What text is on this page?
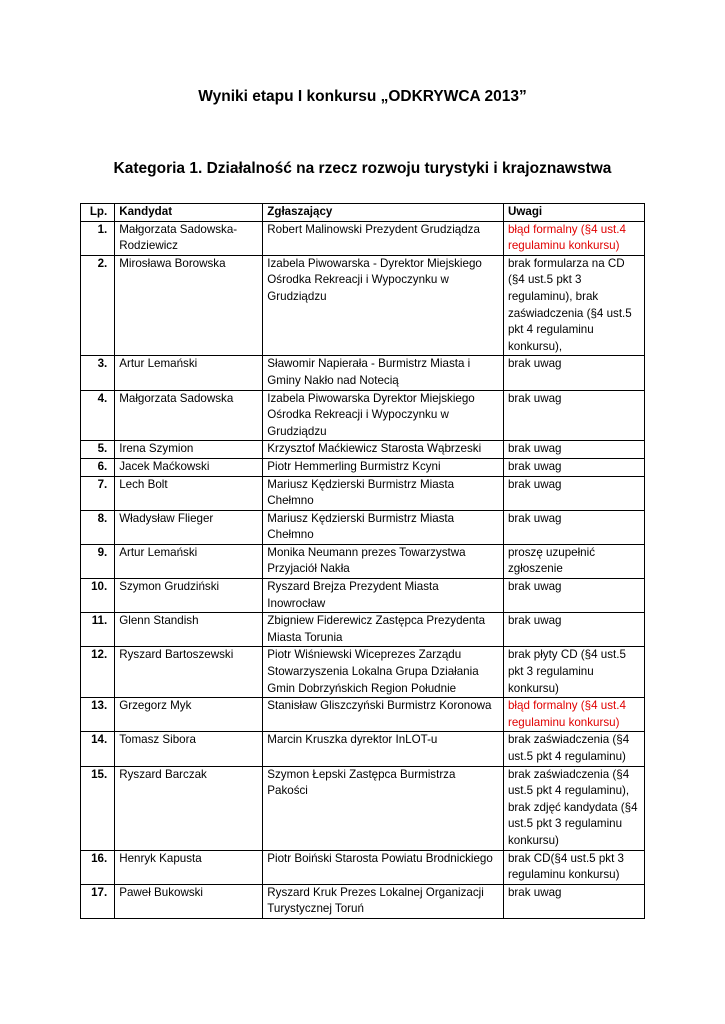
Wyniki etapu I konkursu „ODKRYWCA 2013”
Kategoria 1. Działalność na rzecz rozwoju turystyki i krajoznawstwa
Lp.	Kandydat	Zgłaszający	Uwagi
1.	Małgorzata Sadowska-Rodziewicz	Robert Malinowski Prezydent Grudziądza	błąd formalny (§4 ust.4 regulaminu konkursu)
2.	Mirosława Borowska	Izabela Piwowarska - Dyrektor Miejskiego Ośrodka Rekreacji i Wypoczynku w Grudziądzu	brak formularza na CD (§4 ust.5 pkt 3 regulaminu), brak zaświadczenia (§4 ust.5 pkt 4 regulaminu konkursu),
3.	Artur Lemański	Sławomir Napierała - Burmistrz Miasta i Gminy Nakło nad Notecią	brak uwag
4.	Małgorzata Sadowska	Izabela Piwowarska Dyrektor Miejskiego Ośrodka Rekreacji i Wypoczynku w Grudziądzu	brak uwag
5.	Irena Szymion	Krzysztof Maćkiewicz Starosta Wąbrzeski	brak uwag
6.	Jacek Maćkowski	Piotr Hemmerling Burmistrz Kcyni	brak uwag
7.	Lech Bolt	Mariusz Kędzierski Burmistrz Miasta Chełmno	brak uwag
8.	Władysław Flieger	Mariusz Kędzierski Burmistrz Miasta Chełmno	brak uwag
9.	Artur Lemański	Monika Neumann prezes Towarzystwa Przyjaciół Nakła	proszę uzupełnić zgłoszenie
10.	Szymon Grudziński	Ryszard Brejza Prezydent Miasta Inowrocław	brak uwag
11.	Glenn Standish	Zbigniew Fiderewicz Zastępca Prezydenta Miasta Torunia	brak uwag
12.	Ryszard Bartoszewski	Piotr Wiśniewski Wiceprezes Zarządu Stowarzyszenia Lokalna Grupa Działania Gmin Dobrzyńskich Region Południe	brak płyty CD (§4 ust.5 pkt 3 regulaminu konkursu)
13.	Grzegorz Myk	Stanisław Gliszczyński Burmistrz Koronowa	błąd formalny (§4 ust.4 regulaminu konkursu)
14.	Tomasz Sibora	Marcin Kruszka dyrektor InLOT-u	brak zaświadczenia (§4 ust.5 pkt 4 regulaminu)
15.	Ryszard Barczak	Szymon Łepski Zastępca Burmistrza Pakości	brak zaświadczenia (§4 ust.5 pkt 4 regulaminu), brak zdjęć kandydata (§4 ust.5 pkt 3 regulaminu konkursu)
16.	Henryk Kapusta	Piotr Boiński Starosta Powiatu Brodnickiego	brak CD(§4 ust.5 pkt 3 regulaminu konkursu)
17.	Paweł Bukowski	Ryszard Kruk Prezes Lokalnej Organizacji Turystycznej Toruń	brak uwag
